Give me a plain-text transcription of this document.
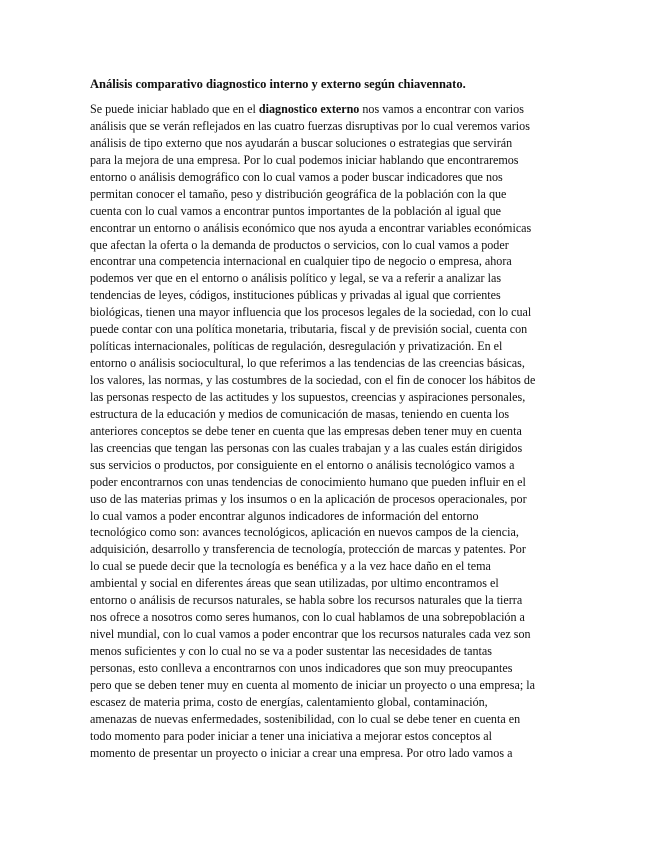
Análisis comparativo diagnostico interno y externo según chiavennato.

Se puede iniciar hablado que en el diagnostico externo nos vamos a encontrar con varios
análisis que se verán reflejados en las cuatro fuerzas disruptivas por lo cual veremos varios
análisis de tipo externo que nos ayudarán a buscar soluciones o estrategias que servirán
para la mejora de una empresa. Por lo cual podemos iniciar hablando que encontraremos
entorno o análisis demográfico con lo cual vamos a poder buscar indicadores que nos
permitan conocer el tamaño, peso y distribución geográfica de la población con la que
cuenta con lo cual vamos a encontrar puntos importantes de la población al igual que
encontrar un entorno o análisis económico que nos ayuda a encontrar variables económicas
que afectan la oferta o la demanda de productos o servicios, con lo cual vamos a poder
encontrar una competencia internacional en cualquier tipo de negocio o empresa, ahora
podemos ver que en el entorno o análisis político y legal, se va a referir a analizar las
tendencias de leyes, códigos, instituciones públicas y privadas al igual que corrientes
biológicas, tienen una mayor influencia que los procesos legales de la sociedad, con lo cual
puede contar con una política monetaria, tributaria, fiscal y de previsión social, cuenta con
políticas internacionales, políticas de regulación, desregulación y privatización. En el
entorno o análisis sociocultural, lo que referimos a las tendencias de las creencias básicas,
los valores, las normas, y las costumbres de la sociedad, con el fin de conocer los hábitos de
las personas respecto de las actitudes y los supuestos, creencias y aspiraciones personales,
estructura de la educación y medios de comunicación de masas, teniendo en cuenta los
anteriores conceptos se debe tener en cuenta que las empresas deben tener muy en cuenta
las creencias que tengan las personas con las cuales trabajan y a las cuales están dirigidos
sus servicios o productos, por consiguiente en el entorno o análisis tecnológico vamos a
poder encontrarnos con unas tendencias de conocimiento humano que pueden influir en el
uso de las materias primas y los insumos o en la aplicación de procesos operacionales, por
lo cual vamos a poder encontrar algunos indicadores de información del entorno
tecnológico como son: avances tecnológicos, aplicación en nuevos campos de la ciencia,
adquisición, desarrollo y transferencia de tecnología, protección de marcas y patentes. Por
lo cual se puede decir que la tecnología es benéfica y a la vez hace daño en el tema
ambiental y social en diferentes áreas que sean utilizadas, por ultimo encontramos el
entorno o análisis de recursos naturales, se habla sobre los recursos naturales que la tierra
nos ofrece a nosotros como seres humanos, con lo cual hablamos de una sobrepoblación a
nivel mundial, con lo cual vamos a poder encontrar que los recursos naturales cada vez son
menos suficientes y con lo cual no se va a poder sustentar las necesidades de tantas
personas, esto conlleva a encontrarnos con unos indicadores que son muy preocupantes
pero que se deben tener muy en cuenta al momento de iniciar un proyecto o una empresa; la
escasez de materia prima, costo de energías, calentamiento global, contaminación,
amenazas de nuevas enfermedades, sostenibilidad, con lo cual se debe tener en cuenta en
todo momento para poder iniciar a tener una iniciativa a mejorar estos conceptos al
momento de presentar un proyecto o iniciar a crear una empresa. Por otro lado vamos a
